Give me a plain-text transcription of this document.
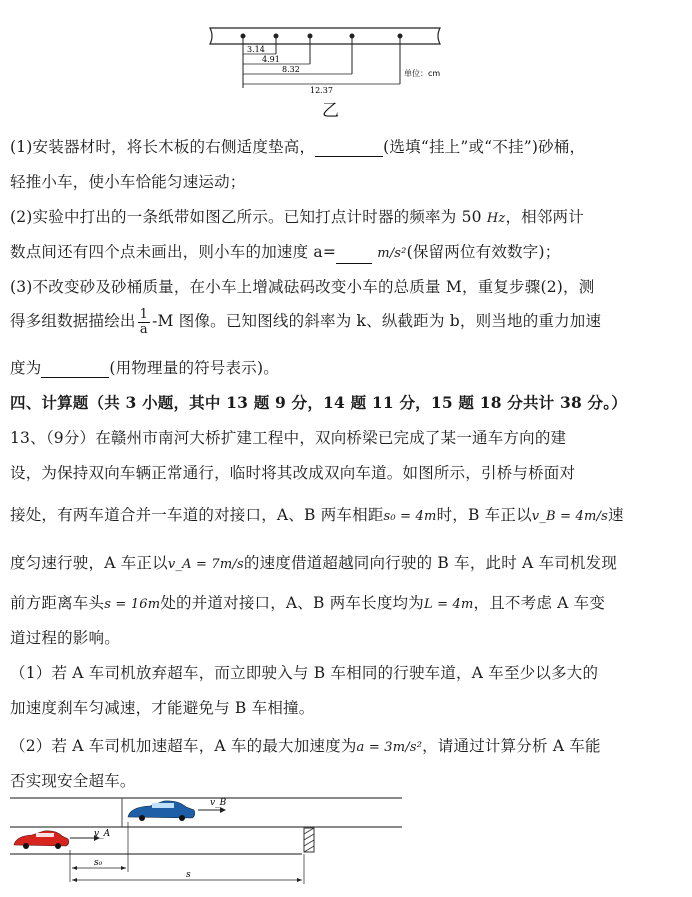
3.14
4.91
8.32
12.37
单位：cm
乙
(1)安装器材时，将长木板的右侧适度垫高，	(选填“挂上”或“不挂”)砂桶，
轻推小车，使小车恰能匀速运动；
(2)实验中打出的一条纸带如图乙所示。已知打点计时器的频率为 50 Hz，相邻两计
数点间还有四个点未画出，则小车的加速度 a=	m/s²(保留两位有效数字)；
(3)不改变砂及砂桶质量，在小车上增减砝码改变小车的总质量 M，重复步骤(2)，测
得多组数据描绘出 $\frac{1}{a} -M$ 图像。已知图线的斜率为 k、纵截距为 b，则当地的重力加速
度为	(用物理量的符号表示)。
四、计算题（共 3 小题，其中 13 题 9 分，14 题 11 分，15 题 18 分共计 38 分。）
13、（9分）在赣州市南河大桥扩建工程中，双向桥梁已完成了某一通车方向的建
设，为保持双向车辆正常通行，临时将其改成双向车道。如图所示，引桥与桥面对
接处，有两车道合并一车道的对接口，A、B 两车相距s₀ = 4m时，B 车正以v_B = 4m/s速
度匀速行驶，A 车正以v_A = 7m/s的速度借道超越同向行驶的 B 车，此时 A 车司机发现
前方距离车头s = 16m处的并道对接口，A、B 两车长度均为L = 4m，且不考虑 A 车变
道过程的影响。
（1）若 A 车司机放弃超车，而立即驶入与 B 车相同的行驶车道，A 车至少以多大的
加速度刹车匀减速，才能避免与 B 车相撞。
（2）若 A 车司机加速超车，A 车的最大加速度为a = 3m/s²，请通过计算分析 A 车能
否实现安全超车。
v_B
v_A
s₀
s
